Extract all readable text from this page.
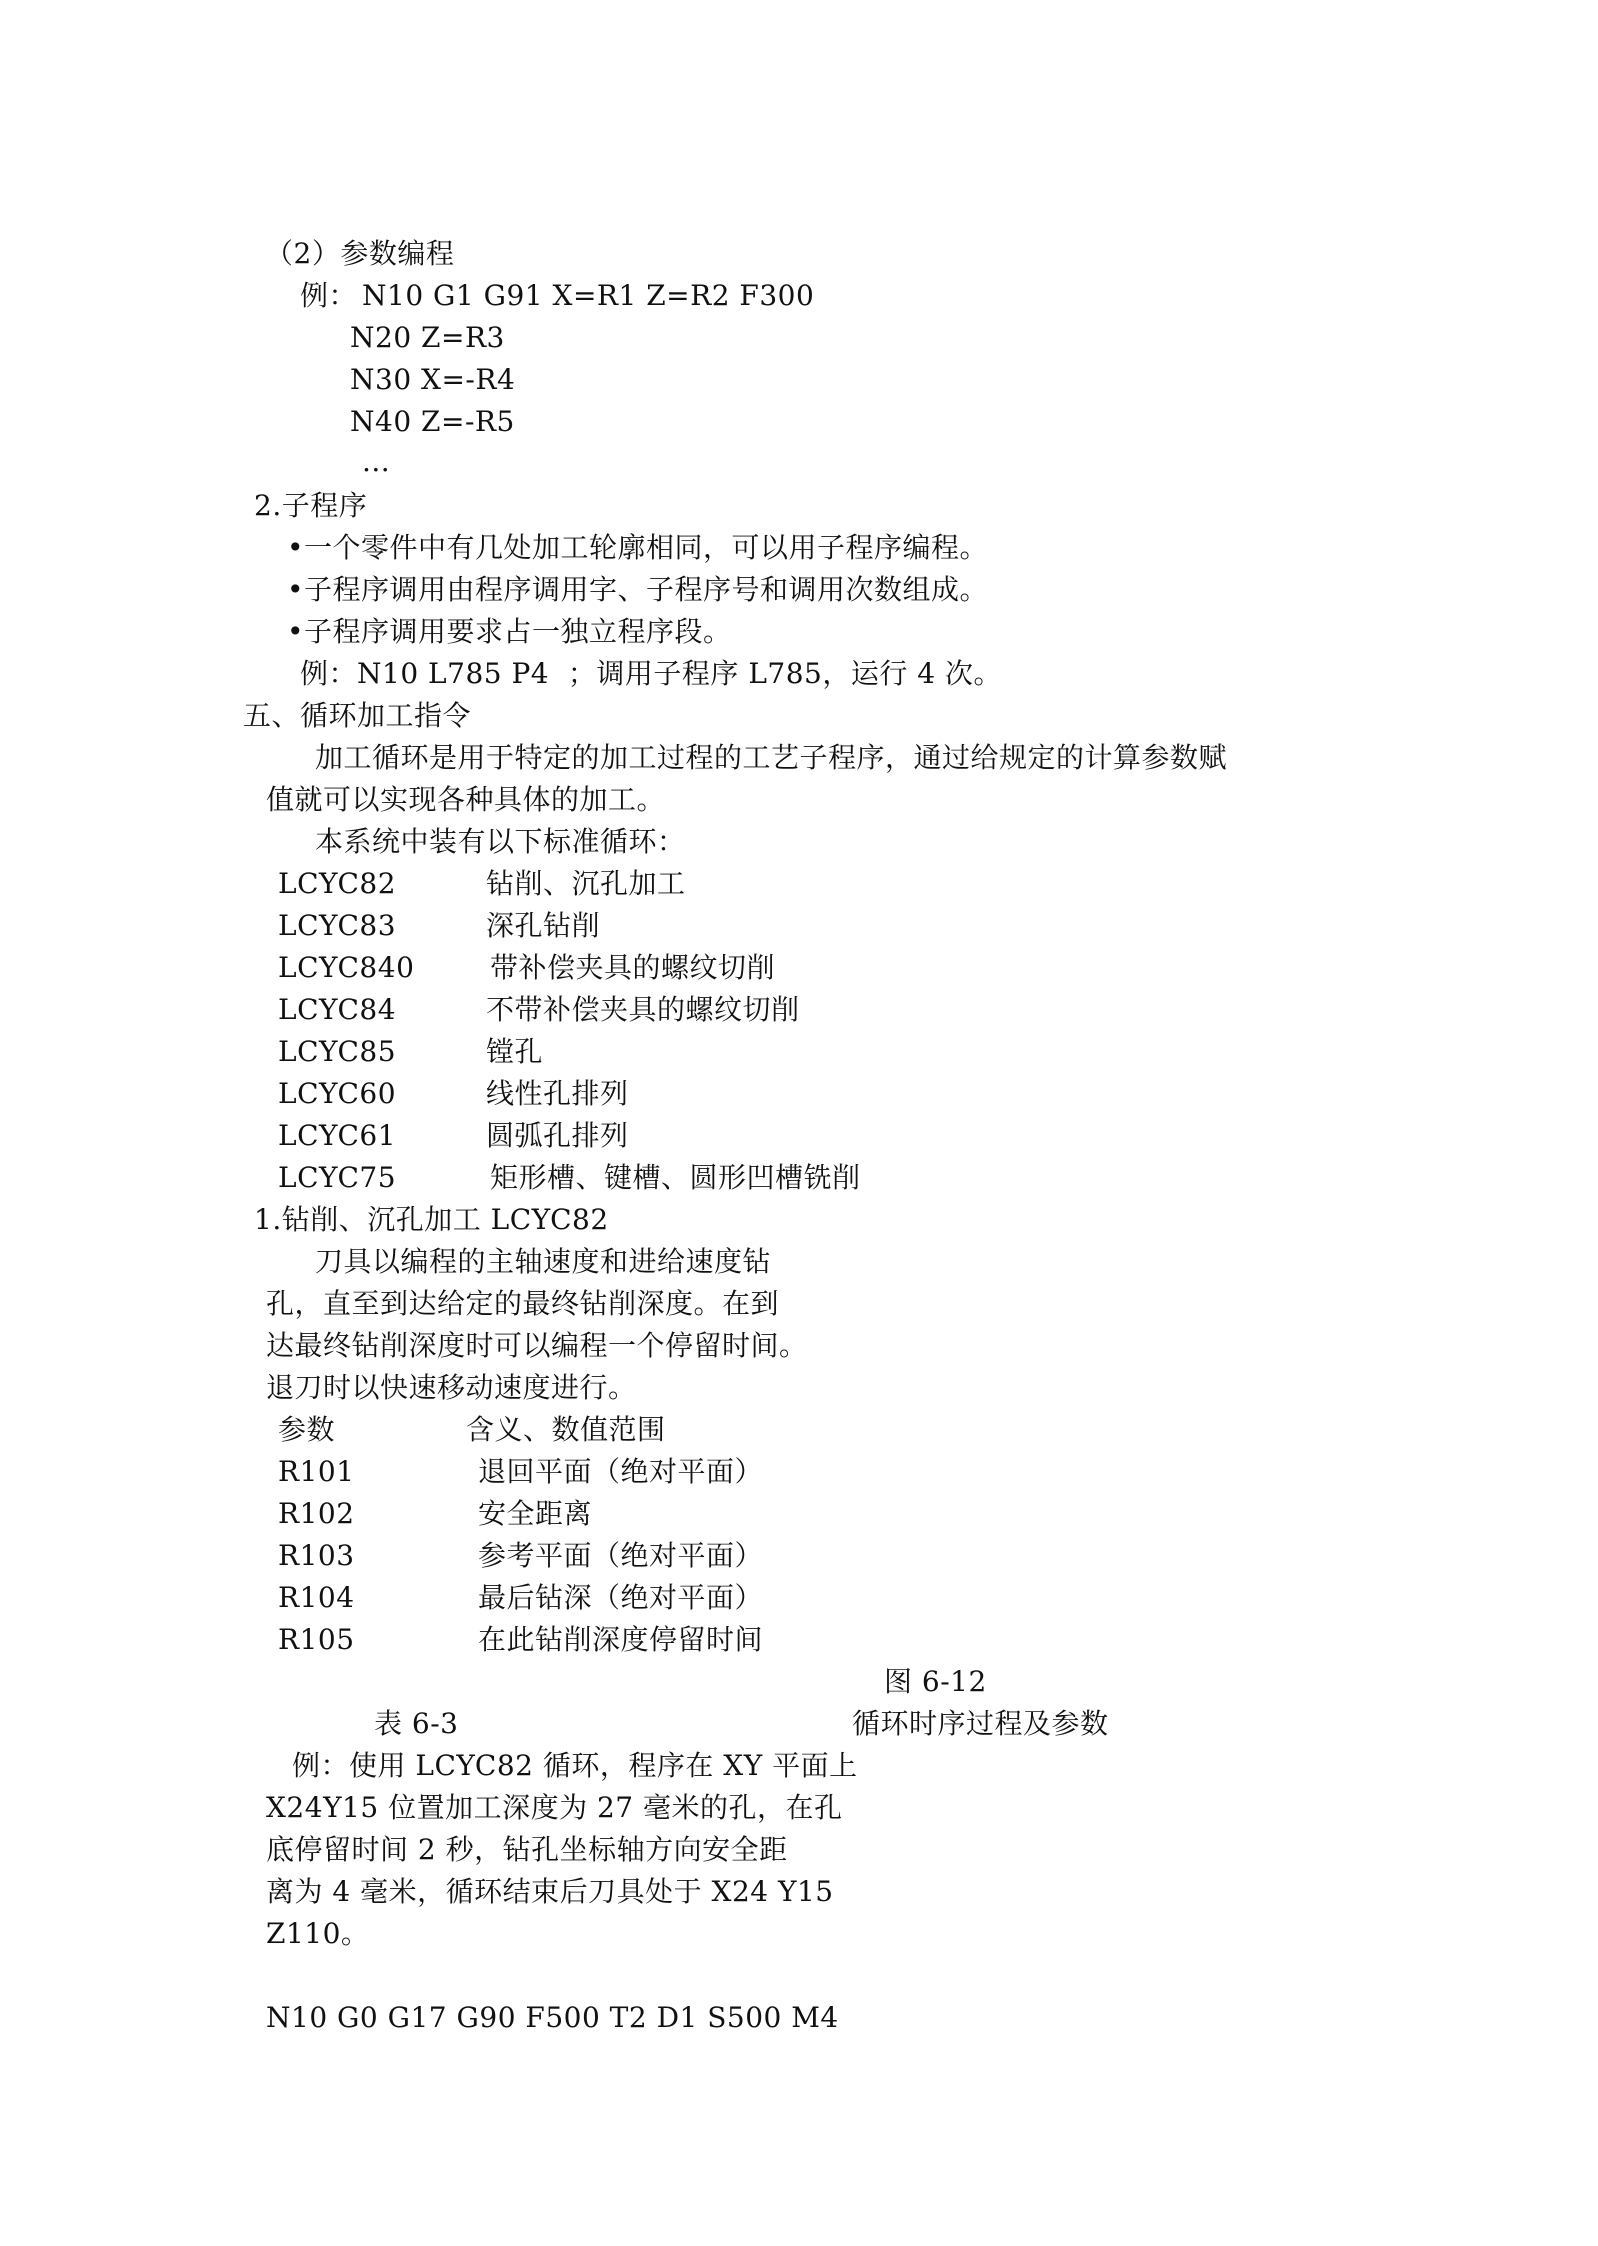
（2）参数编程

例： N10 G1 G91 X=R1 Z=R2 F300

N20 Z=R3

N30 X=-R4

N40 Z=-R5

...

2.子程序

•一个零件中有几处加工轮廓相同，可以用子程序编程。

•子程序调用由程序调用字、子程序号和调用次数组成。

•子程序调用要求占一独立程序段。

例：N10 L785 P4  ；调用子程序 L785，运行 4 次。

五、循环加工指令

加工循环是用于特定的加工过程的工艺子程序，通过给规定的计算参数赋

值就可以实现各种具体的加工。

本系统中装有以下标准循环：

LCYC82	钻削、沉孔加工

LCYC83	深孔钻削

LCYC840	带补偿夹具的螺纹切削

LCYC84	不带补偿夹具的螺纹切削

LCYC85	镗孔

LCYC60	线性孔排列

LCYC61	圆弧孔排列

LCYC75	矩形槽、键槽、圆形凹槽铣削

1.钻削、沉孔加工 LCYC82

刀具以编程的主轴速度和进给速度钻

孔，直至到达给定的最终钻削深度。在到

达最终钻削深度时可以编程一个停留时间。

退刀时以快速移动速度进行。

参数	含义、数值范围

R101	退回平面（绝对平面）

R102	安全距离

R103	参考平面（绝对平面）

R104	最后钻深（绝对平面）

R105	在此钻削深度停留时间

图 6-12

表 6-3	循环时序过程及参数

例：使用 LCYC82 循环，程序在 XY 平面上

X24Y15 位置加工深度为 27 毫米的孔，在孔

底停留时间 2 秒，钻孔坐标轴方向安全距

离为 4 毫米，循环结束后刀具处于 X24 Y15

Z110。

N10 G0 G17 G90 F500 T2 D1 S500 M4
